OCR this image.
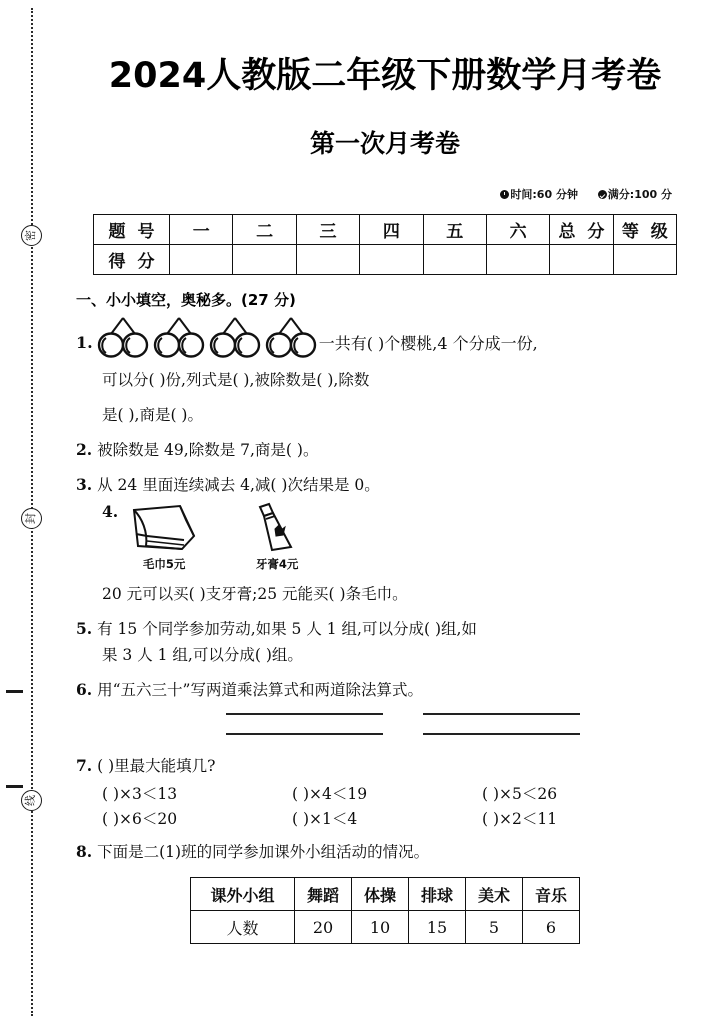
密
封
线
2024人教版二年级下册数学月考卷
第一次月考卷
时间:60 分钟	满分:100 分
题 号	一	二	三	四	五	六	总 分	等 级
得 分								
一、小小填空，奥秘多。(27 分)
1.	一共有( )个樱桃,4 个分成一份,
可以分( )份,列式是( ),被除数是( ),除数
是( ),商是( )。
2. 被除数是 49,除数是 7,商是( )。
3. 从 24 里面连续减去 4,减( )次结果是 0。
4.
毛巾5元	牙膏4元
20 元可以买( )支牙膏;25 元能买( )条毛巾。
5. 有 15 个同学参加劳动,如果 5 人 1 组,可以分成( )组,如
果 3 人 1 组,可以分成( )组。
6. 用“五六三十”写两道乘法算式和两道除法算式。
7. ( )里最大能填几?
( )×3＜13	( )×4＜19	( )×5＜26
( )×6＜20	( )×1＜4	( )×2＜11
8. 下面是二(1)班的同学参加课外小组活动的情况。
课外小组	舞蹈	体操	排球	美术	音乐
人数	20	10	15	5	6
